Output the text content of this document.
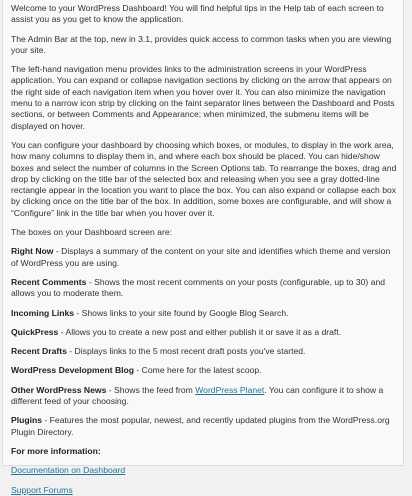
Welcome to your WordPress Dashboard! You will find helpful tips in the Help tab of each screen to assist you as you get to know the application.

The Admin Bar at the top, new in 3.1, provides quick access to common tasks when you are viewing your site.

The left-hand navigation menu provides links to the administration screens in your WordPress application. You can expand or collapse navigation sections by clicking on the arrow that appears on the right side of each navigation item when you hover over it. You can also minimize the navigation menu to a narrow icon strip by clicking on the faint separator lines between the Dashboard and Posts sections, or between Comments and Appearance; when minimized, the submenu items will be displayed on hover.

You can configure your dashboard by choosing which boxes, or modules, to display in the work area, how many columns to display them in, and where each box should be placed. You can hide/show boxes and select the number of columns in the Screen Options tab. To rearrange the boxes, drag and drop by clicking on the title bar of the selected box and releasing when you see a gray dotted-line rectangle appear in the location you want to place the box. You can also expand or collapse each box by clicking once on the title bar of the box. In addition, some boxes are configurable, and will show a “Configure” link in the title bar when you hover over it.

The boxes on your Dashboard screen are:

Right Now - Displays a summary of the content on your site and identifies which theme and version of WordPress you are using.

Recent Comments - Shows the most recent comments on your posts (configurable, up to 30) and allows you to moderate them.

Incoming Links - Shows links to your site found by Google Blog Search.

QuickPress - Allows you to create a new post and either publish it or save it as a draft.

Recent Drafts - Displays links to the 5 most recent draft posts you've started.

WordPress Development Blog - Come here for the latest scoop.

Other WordPress News - Shows the feed from WordPress Planet. You can configure it to show a different feed of your choosing.

Plugins - Features the most popular, newest, and recently updated plugins from the WordPress.org Plugin Directory.

For more information:

Documentation on Dashboard

Support Forums
